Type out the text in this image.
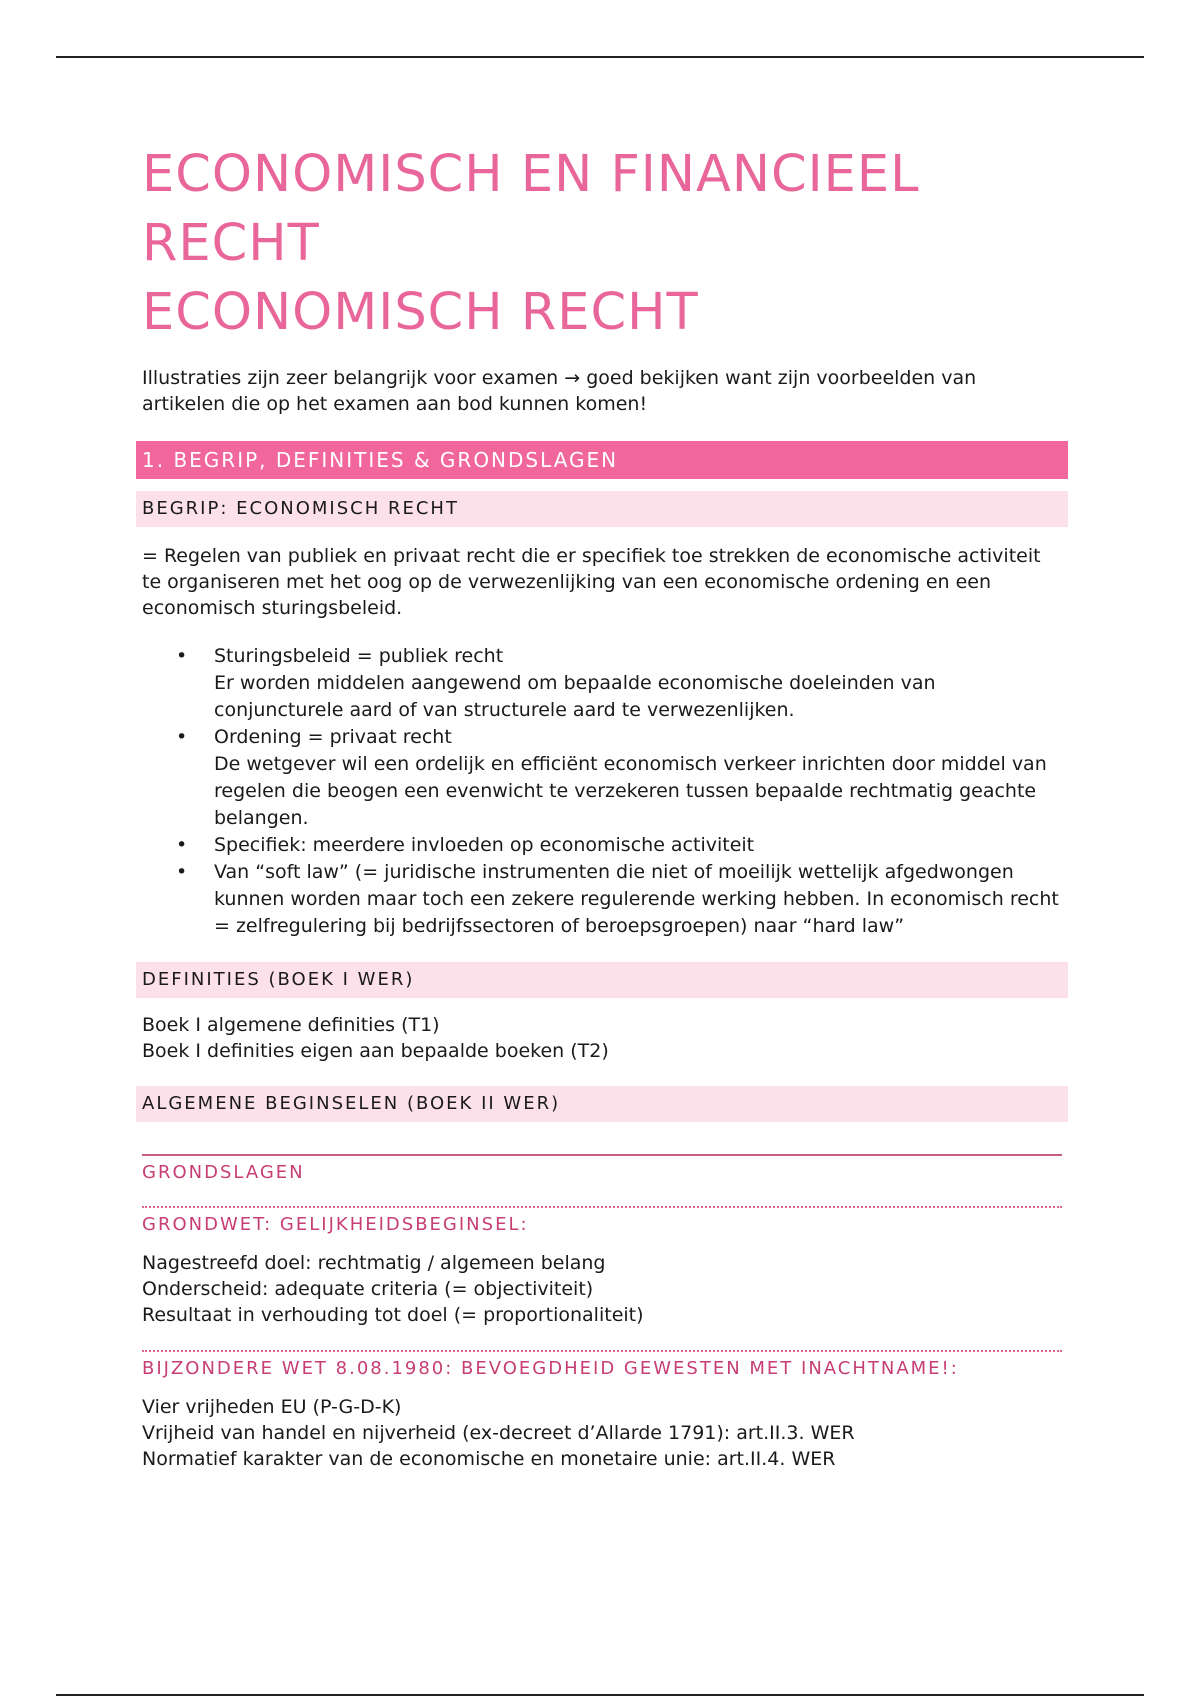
ECONOMISCH EN FINANCIEEL
RECHT
ECONOMISCH RECHT

Illustraties zijn zeer belangrijk voor examen → goed bekijken want zijn voorbeelden van artikelen die op het examen aan bod kunnen komen!

1. BEGRIP, DEFINITIES & GRONDSLAGEN
BEGRIP: ECONOMISCH RECHT

= Regelen van publiek en privaat recht die er specifiek toe strekken de economische activiteit te organiseren met het oog op de verwezenlijking van een economische ordening en een economisch sturingsbeleid.

• Sturingsbeleid = publiek recht
Er worden middelen aangewend om bepaalde economische doeleinden van conjuncturele aard of van structurele aard te verwezenlijken.
• Ordening = privaat recht
De wetgever wil een ordelijk en efficiënt economisch verkeer inrichten door middel van regelen die beogen een evenwicht te verzekeren tussen bepaalde rechtmatig geachte belangen.
• Specifiek: meerdere invloeden op economische activiteit
• Van “soft law” (= juridische instrumenten die niet of moeilijk wettelijk afgedwongen kunnen worden maar toch een zekere regulerende werking hebben. In economisch recht = zelfregulering bij bedrijfssectoren of beroepsgroepen) naar “hard law”
DEFINITIES (BOEK I WER)

Boek I algemene definities (T1)

Boek I definities eigen aan bepaalde boeken (T2)

ALGEMENE BEGINSELEN (BOEK II WER)
GRONDSLAGEN
GRONDWET: GELIJKHEIDSBEGINSEL:

Nagestreefd doel: rechtmatig / algemeen belang

Onderscheid: adequate criteria (= objectiviteit)

Resultaat in verhouding tot doel (= proportionaliteit)

BIJZONDERE WET 8.08.1980: BEVOEGDHEID GEWESTEN MET INACHTNAME!:

Vier vrijheden EU (P-G-D-K)

Vrijheid van handel en nijverheid (ex-decreet d’Allarde 1791): art.II.3. WER

Normatief karakter van de economische en monetaire unie: art.II.4. WER
